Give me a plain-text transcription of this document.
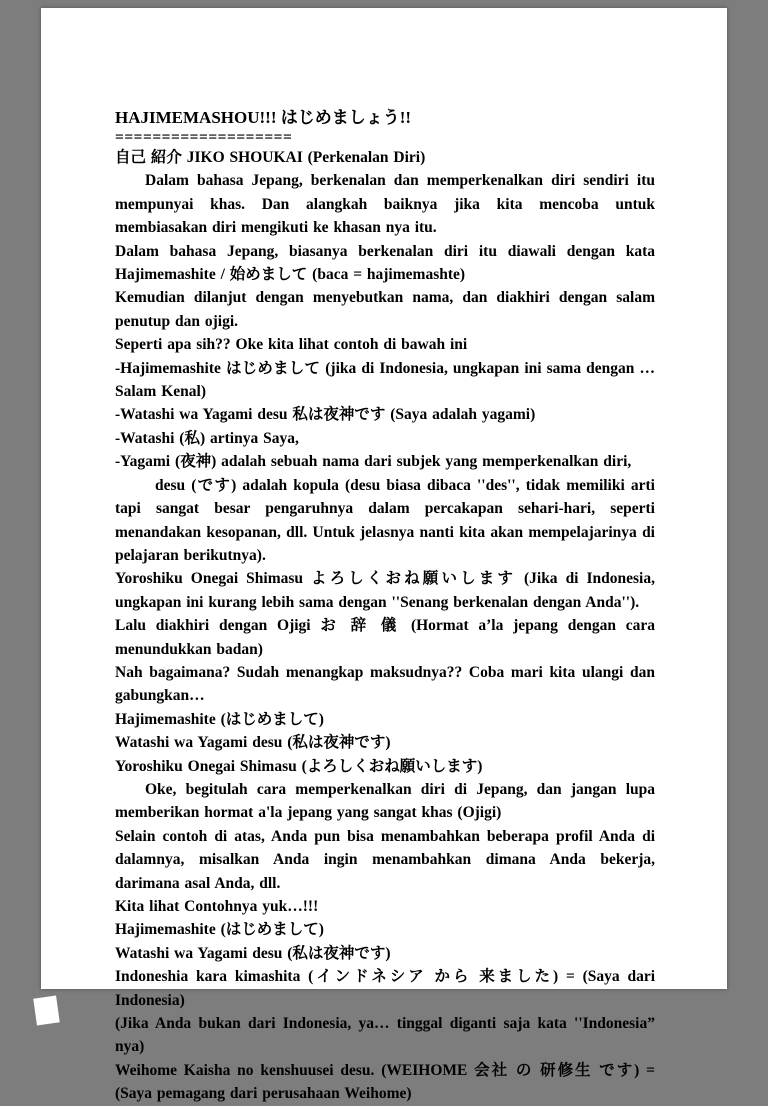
HAJIMEMASHOU!!! はじめましょう!!
===================

自己 紹介 JIKO SHOUKAI (Perkenalan Diri)

Dalam bahasa Jepang, berkenalan dan memperkenalkan diri sendiri itu mempunyai khas. Dan alangkah baiknya jika kita mencoba untuk membiasakan diri mengikuti ke khasan nya itu.

Dalam bahasa Jepang, biasanya berkenalan diri itu diawali dengan kata Hajimemashite / 始めまして (baca = hajimemashte)

Kemudian dilanjut dengan menyebutkan nama, dan diakhiri dengan salam penutup dan ojigi.

Seperti apa sih?? Oke kita lihat contoh di bawah ini

-Hajimemashite はじめまして (jika di Indonesia, ungkapan ini sama dengan … Salam Kenal)

-Watashi wa Yagami desu 私は夜神です (Saya adalah yagami)

-Watashi (私) artinya Saya,

-Yagami (夜神) adalah sebuah nama dari subjek yang memperkenalkan diri,

desu (です) adalah kopula (desu biasa dibaca ''des'', tidak memiliki arti tapi sangat besar pengaruhnya dalam percakapan sehari-hari, seperti menandakan kesopanan, dll. Untuk jelasnya nanti kita akan mempelajarinya di pelajaran berikutnya).

Yoroshiku Onegai Shimasu よろしくおね願いします (Jika di Indonesia, ungkapan ini kurang lebih sama dengan ''Senang berkenalan dengan Anda'').

Lalu diakhiri dengan Ojigi お 辞 儀 (Hormat a’la jepang dengan cara menundukkan badan)

Nah bagaimana? Sudah menangkap maksudnya?? Coba mari kita ulangi dan gabungkan…

Hajimemashite (はじめまして)

Watashi wa Yagami desu (私は夜神です)

Yoroshiku Onegai Shimasu (よろしくおね願いします)

Oke, begitulah cara memperkenalkan diri di Jepang, dan jangan lupa memberikan hormat a'la jepang yang sangat khas (Ojigi)

Selain contoh di atas, Anda pun bisa menambahkan beberapa profil Anda di dalamnya, misalkan Anda ingin menambahkan dimana Anda bekerja, darimana asal Anda, dll.

Kita lihat Contohnya yuk…!!!

Hajimemashite (はじめまして)

Watashi wa Yagami desu (私は夜神です)

Indoneshia kara kimashita (インドネシア から 来ました) = (Saya dari Indonesia)

(Jika Anda bukan dari Indonesia, ya… tinggal diganti saja kata ''Indonesia” nya)

Weihome Kaisha no kenshuusei desu. (WEIHOME 会社 の 研修生 です) = (Saya pemagang dari perusahaan Weihome)
